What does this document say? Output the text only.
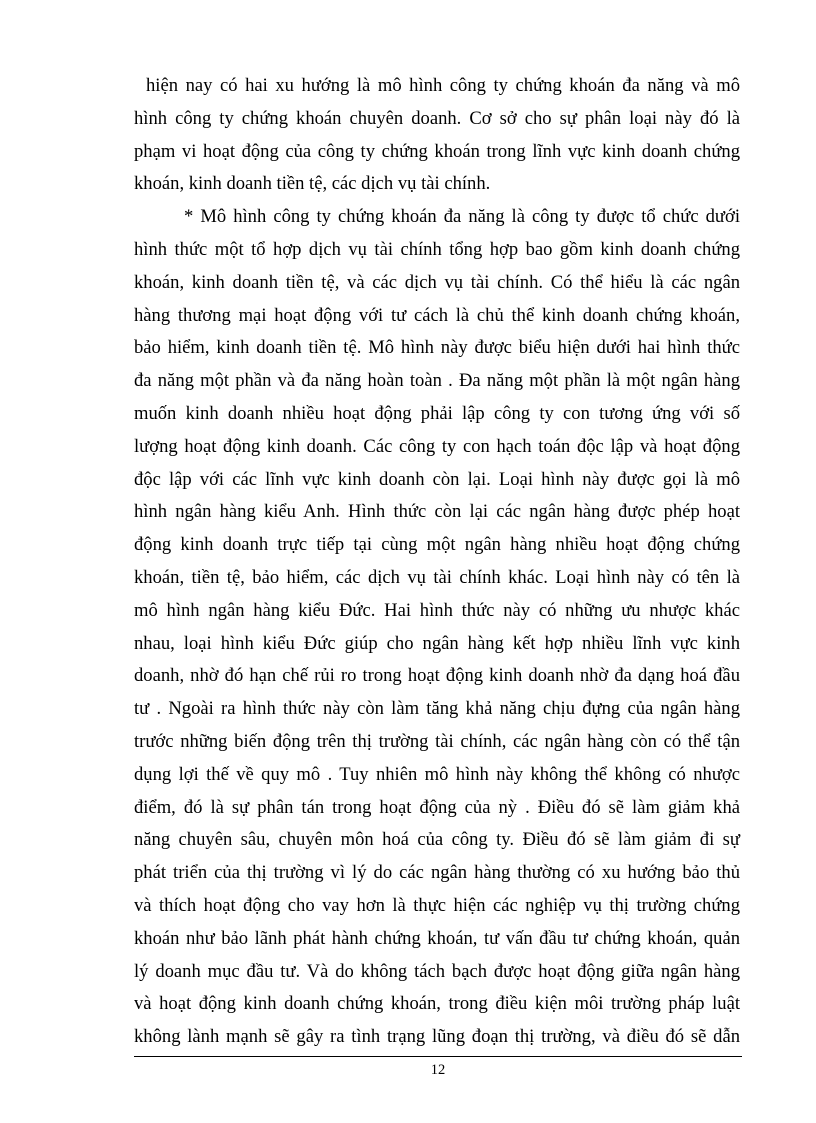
hiện nay có hai xu hướng là mô hình công ty chứng khoán đa năng và mô
hình công ty chứng khoán chuyên doanh. Cơ sở cho sự phân loại này đó là
phạm vi hoạt động của công ty chứng khoán trong lĩnh vực kinh doanh chứng
khoán, kinh doanh tiền tệ, các dịch vụ tài chính.
* Mô hình công ty chứng khoán đa năng là công ty được tổ chức dưới
hình thức một tổ hợp dịch vụ tài chính tổng hợp bao gồm kinh doanh chứng
khoán, kinh doanh tiền tệ, và các dịch vụ tài chính. Có thể hiểu là các ngân
hàng thương mại hoạt động với tư cách là chủ thể kinh doanh chứng khoán,
bảo hiểm, kinh doanh tiền tệ. Mô hình này được biểu hiện dưới hai hình thức
đa năng một phần và đa năng hoàn toàn . Đa năng một phần là một ngân hàng
muốn kinh doanh nhiều hoạt động phải lập công ty con tương ứng với số
lượng hoạt động kinh doanh. Các công ty con hạch toán độc lập và hoạt động
độc lập với các lĩnh vực kinh doanh còn lại. Loại hình này được gọi là mô
hình ngân hàng kiểu Anh. Hình thức còn lại các ngân hàng được phép hoạt
động kinh doanh trực tiếp tại cùng một ngân hàng nhiều hoạt động chứng
khoán, tiền tệ, bảo hiểm, các dịch vụ tài chính khác. Loại hình này có tên là
mô hình ngân hàng kiểu Đức. Hai hình thức này có những ưu nhược khác
nhau, loại hình kiểu Đức giúp cho ngân hàng kết hợp nhiều lĩnh vực kinh
doanh, nhờ đó hạn chế rủi ro trong hoạt động kinh doanh nhờ đa dạng hoá đầu
tư . Ngoài ra hình thức này còn làm tăng khả năng chịu đựng của ngân hàng
trước những biến động trên thị trường tài chính, các ngân hàng còn có thể tận
dụng lợi thế về quy mô . Tuy nhiên mô hình này không thể không có nhược
điểm, đó là sự phân tán trong hoạt động của nỳ . Điều đó sẽ làm giảm khả
năng chuyên sâu, chuyên môn hoá của công ty. Điều đó sẽ làm giảm đi sự
phát triển của thị trường vì lý do các ngân hàng thường có xu hướng bảo thủ
và thích hoạt động cho vay hơn là thực hiện các nghiệp vụ thị trường chứng
khoán như bảo lãnh phát hành chứng khoán, tư vấn đầu tư chứng khoán, quản
lý doanh mục đầu tư. Và do không tách bạch được hoạt động giữa ngân hàng
và hoạt động kinh doanh chứng khoán, trong điều kiện môi trường pháp luật
không lành mạnh sẽ gây ra tình trạng lũng đoạn thị trường, và điều đó sẽ dẫn
12
